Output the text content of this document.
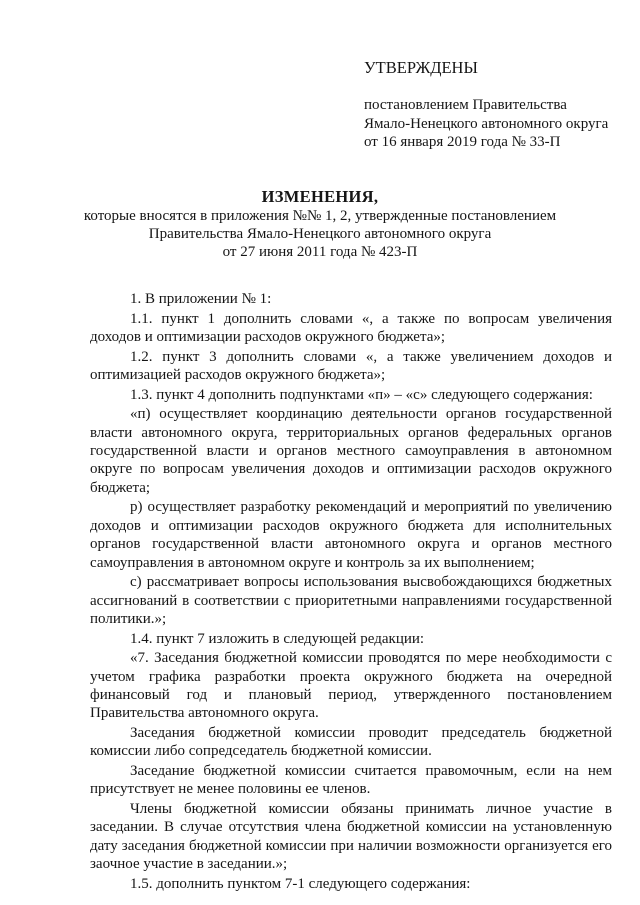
УТВЕРЖДЕНЫ
постановлением Правительства
Ямало-Ненецкого автономного округа
от 16 января 2019 года № 33-П
ИЗМЕНЕНИЯ,
которые вносятся в приложения №№ 1, 2, утвержденные постановлением
Правительства Ямало-Ненецкого автономного округа
от 27 июня 2011 года № 423-П

1. В приложении № 1:

1.1. пункт 1 дополнить словами «, а также по вопросам увеличения доходов и оптимизации расходов окружного бюджета»;

1.2. пункт 3 дополнить словами «, а также увеличением доходов и оптимизацией расходов окружного бюджета»;

1.3. пункт 4 дополнить подпунктами «п» – «с» следующего содержания:

«п) осуществляет координацию деятельности органов государственной власти автономного округа, территориальных органов федеральных органов государственной власти и органов местного самоуправления в автономном округе по вопросам увеличения доходов и оптимизации расходов окружного бюджета;

р) осуществляет разработку рекомендаций и мероприятий по увеличению доходов и оптимизации расходов окружного бюджета для исполнительных органов государственной власти автономного округа и органов местного самоуправления в автономном округе и контроль за их выполнением;

с) рассматривает вопросы использования высвобождающихся бюджетных ассигнований в соответствии с приоритетными направлениями государственной политики.»;

1.4. пункт 7 изложить в следующей редакции:

«7. Заседания бюджетной комиссии проводятся по мере необходимости с учетом графика разработки проекта окружного бюджета на очередной финансовый год и плановый период, утвержденного постановлением Правительства автономного округа.

Заседания бюджетной комиссии проводит председатель бюджетной комиссии либо сопредседатель бюджетной комиссии.

Заседание бюджетной комиссии считается правомочным, если на нем присутствует не менее половины ее членов.

Члены бюджетной комиссии обязаны принимать личное участие в заседании. В случае отсутствия члена бюджетной комиссии на установленную дату заседания бюджетной комиссии при наличии возможности организуется его заочное участие в заседании.»;

1.5. дополнить пунктом 7-1 следующего содержания:
